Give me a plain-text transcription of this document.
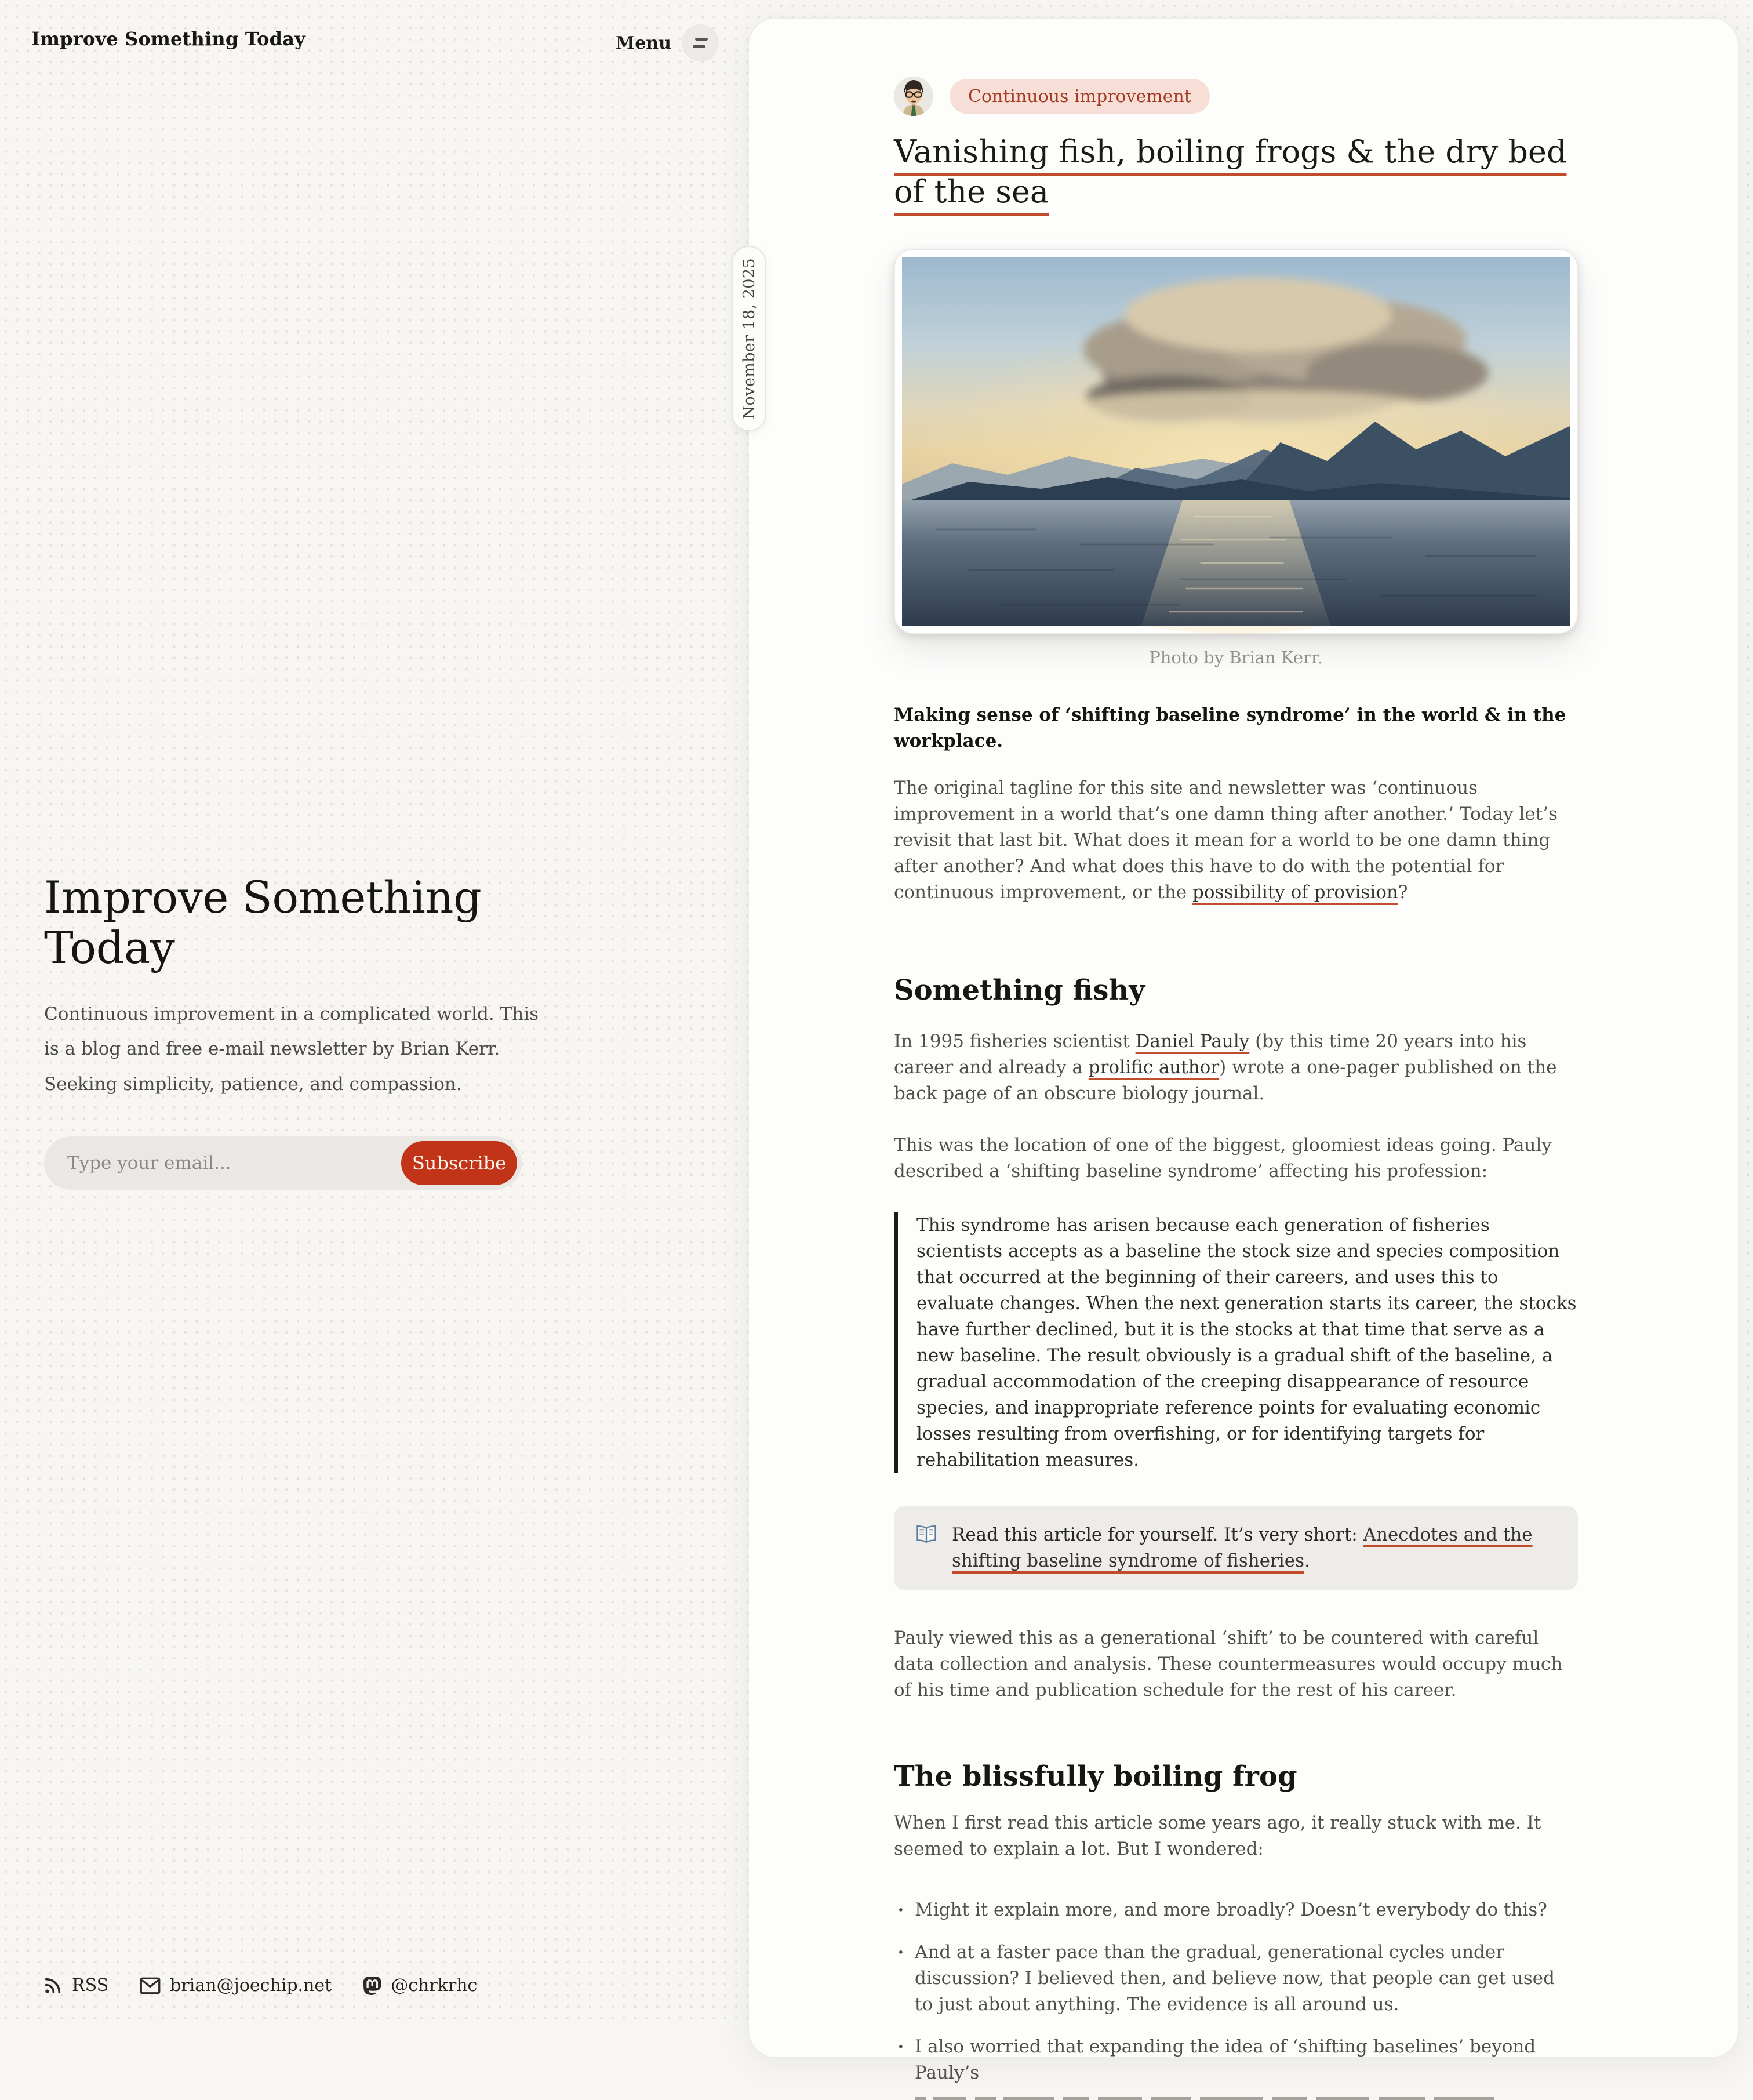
Improve Something Today	Menu
Improve Something Today

Continuous improvement in a complicated world. This is a blog and free e-mail newsletter by Brian Kerr. Seeking simplicity, patience, and compassion.

Type your email...
Subscribe
RSS	brian@joechip.net	@chrkrhc
November 18, 2025
Continuous improvement
Vanishing fish, boiling frogs & the dry bed of the sea
Photo by Brian Kerr.

Making sense of ‘shifting baseline syndrome’ in the world & in the workplace.

The original tagline for this site and newsletter was ‘continuous improvement in a world that’s one damn thing after another.’ Today let’s revisit that last bit. What does it mean for a world to be one damn thing after another? And what does this have to do with the potential for continuous improvement, or the possibility of provision?

Something fishy

In 1995 fisheries scientist Daniel Pauly (by this time 20 years into his career and already a prolific author) wrote a one-pager published on the back page of an obscure biology journal.

This was the location of one of the biggest, gloomiest ideas going. Pauly described a ‘shifting baseline syndrome’ affecting his profession:

This syndrome has arisen because each generation of fisheries scientists accepts as a baseline the stock size and species composition that occurred at the beginning of their careers, and uses this to evaluate changes. When the next generation starts its career, the stocks have further declined, but it is the stocks at that time that serve as a new baseline. The result obviously is a gradual shift of the baseline, a gradual accommodation of the creeping disappearance of resource species, and inappropriate reference points for evaluating economic losses resulting from overfishing, or for identifying targets for rehabilitation measures.
Read this article for yourself. It’s very short: Anecdotes and the shifting baseline syndrome of fisheries.

Pauly viewed this as a generational ‘shift’ to be countered with careful data collection and analysis. These countermeasures would occupy much of his time and publication schedule for the rest of his career.

The blissfully boiling frog

When I first read this article some years ago, it really stuck with me. It seemed to explain a lot. But I wondered:

• Might it explain more, and more broadly? Doesn’t everybody do this?
• And at a faster pace than the gradual, generational cycles under discussion? I believed then, and believe now, that people can get used to just about anything. The evidence is all around us.
• I also worried that expanding the idea of ‘shifting baselines’ beyond Pauly’s
